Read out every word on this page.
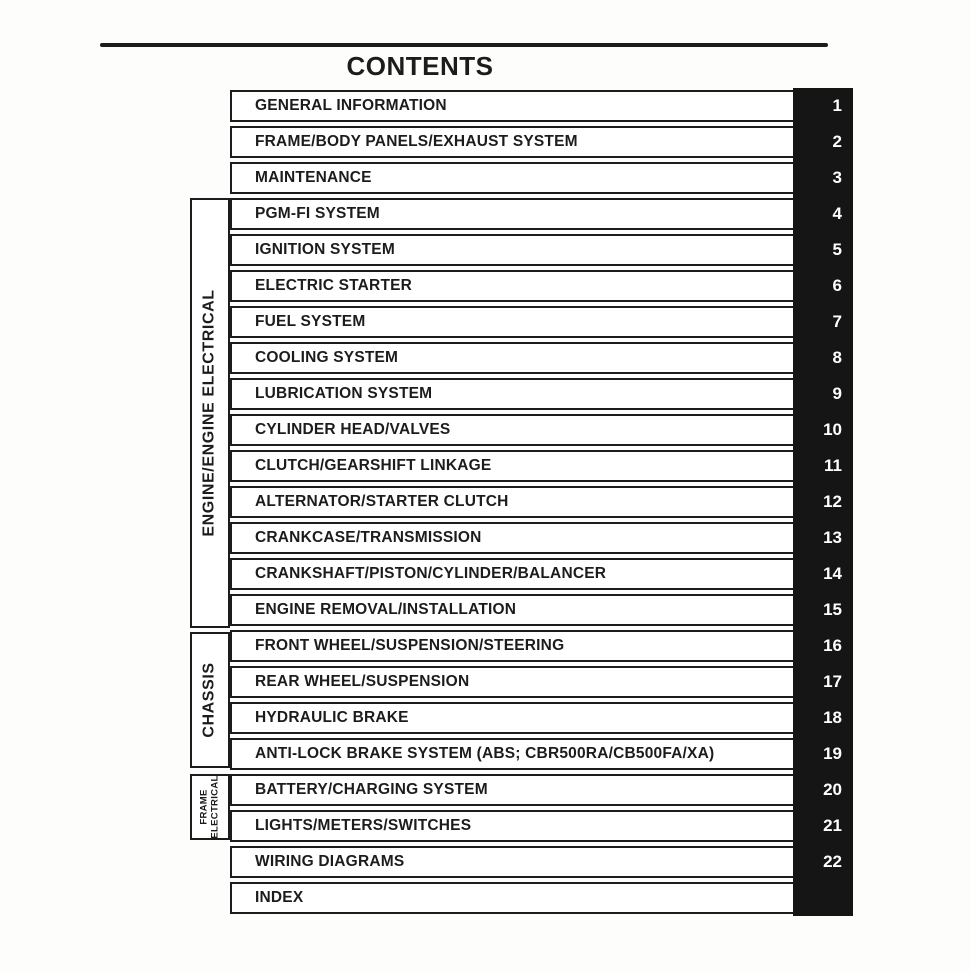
CONTENTS
ENGINE/ENGINE ELECTRICAL
CHASSIS
FRAME ELECTRICAL
GENERAL INFORMATION	1
FRAME/BODY PANELS/EXHAUST SYSTEM	2
MAINTENANCE	3
PGM-FI SYSTEM	4
IGNITION SYSTEM	5
ELECTRIC STARTER	6
FUEL SYSTEM	7
COOLING SYSTEM	8
LUBRICATION SYSTEM	9
CYLINDER HEAD/VALVES	10
CLUTCH/GEARSHIFT LINKAGE	11
ALTERNATOR/STARTER CLUTCH	12
CRANKCASE/TRANSMISSION	13
CRANKSHAFT/PISTON/CYLINDER/BALANCER	14
ENGINE REMOVAL/INSTALLATION	15
FRONT WHEEL/SUSPENSION/STEERING	16
REAR WHEEL/SUSPENSION	17
HYDRAULIC BRAKE	18
ANTI-LOCK BRAKE SYSTEM (ABS; CBR500RA/CB500FA/XA)	19
BATTERY/CHARGING SYSTEM	20
LIGHTS/METERS/SWITCHES	21
WIRING DIAGRAMS	22
INDEX
